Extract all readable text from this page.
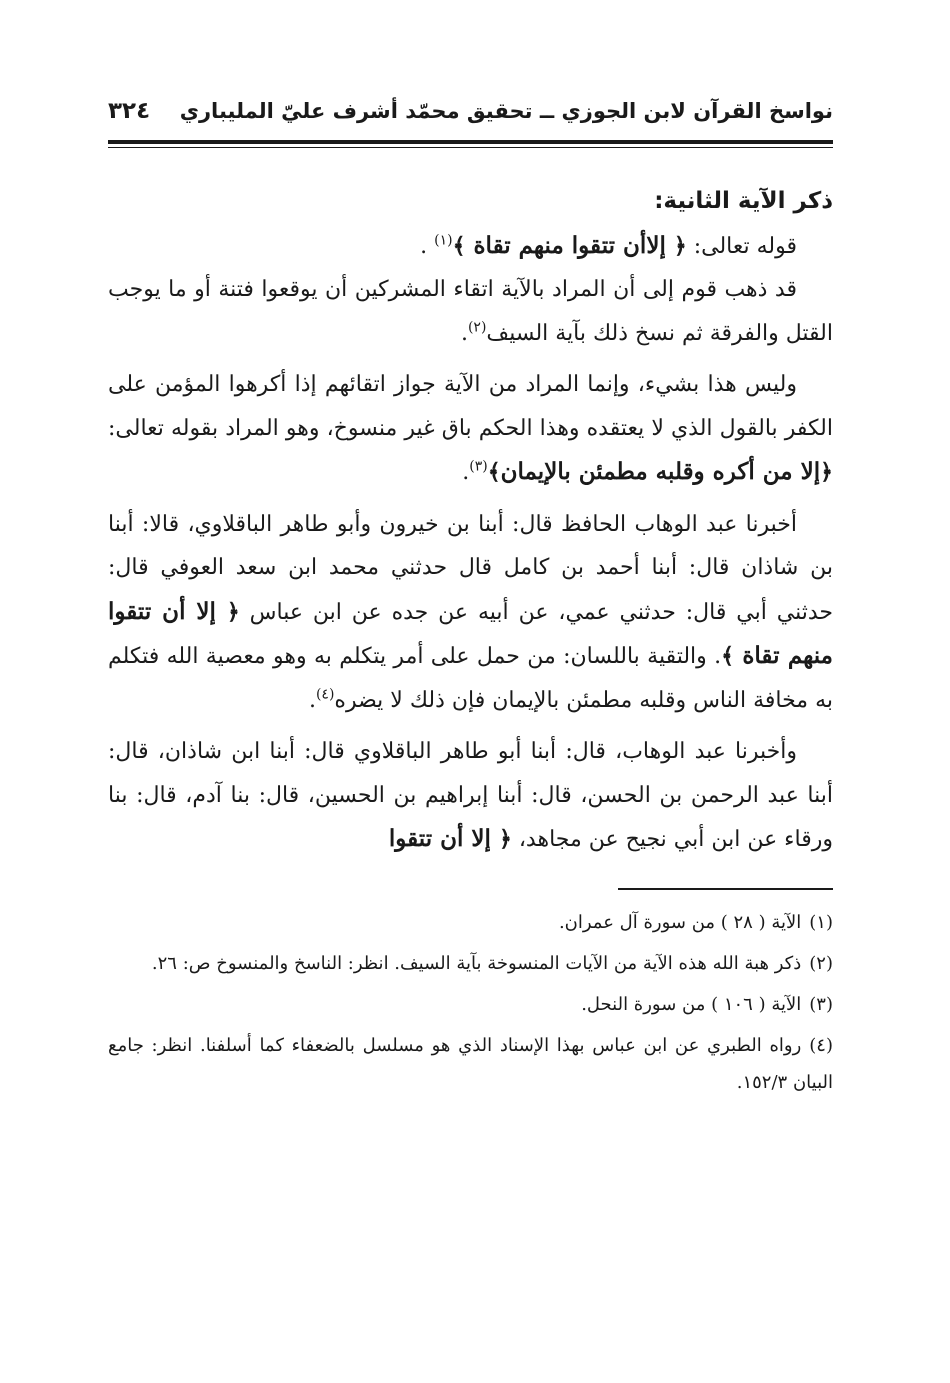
نواسخ القرآن لابن الجوزي ــ تحقيق محمّد أشرف عليّ المليباري
٣٢٤

ذكر الآية الثانية:

قوله تعالى: ﴿ إلاأن تتقوا منهم تقاة ﴾$^{(١)}$ .

قد ذهب قوم إلى أن المراد بالآية اتقاء المشركين أن يوقعوا فتنة أو ما يوجب القتل والفرقة ثم نسخ ذلك بآية السيف$^{(٢)}$.

وليس هذا بشيء، وإنما المراد من الآية جواز اتقائهم إذا أكرهوا المؤمن على الكفر بالقول الذي لا يعتقده وهذا الحكم باق غير منسوخ، وهو المراد بقوله تعالى: ﴿إلا من أكره وقلبه مطمئن بالإيمان﴾$^{(٣)}$.

أخبرنا عبد الوهاب الحافظ قال: أبنا بن خيرون وأبو طاهر الباقلاوي، قالا: أبنا بن شاذان قال: أبنا أحمد بن كامل قال حدثني محمد ابن سعد العوفي قال: حدثني أبي قال: حدثني عمي، عن أبيه عن جده عن ابن عباس ﴿ إلا أن تتقوا منهم تقاة ﴾. والتقية باللسان: من حمل على أمر يتكلم به وهو معصية الله فتكلم به مخافة الناس وقلبه مطمئن بالإيمان فإن ذلك لا يضره$^{(٤)}$.

وأخبرنا عبد الوهاب، قال: أبنا أبو طاهر الباقلاوي قال: أبنا ابن شاذان، قال: أبنا عبد الرحمن بن الحسن، قال: أبنا إبراهيم بن الحسين، قال: بنا آدم، قال: بنا ورقاء عن ابن أبي نجيح عن مجاهد، ﴿ إلا أن تتقوا

(١)الآية ( ٢٨ ) من سورة آل عمران.

(٢)ذكر هبة الله هذه الآية من الآيات المنسوخة بآية السيف. انظر: الناسخ والمنسوخ ص: ٢٦.

(٣)الآية ( ١٠٦ ) من سورة النحل.

(٤)رواه الطبري عن ابن عباس بهذا الإسناد الذي هو مسلسل بالضعفاء كما أسلفنا. انظر: جامع البيان ١٥٢/٣.
